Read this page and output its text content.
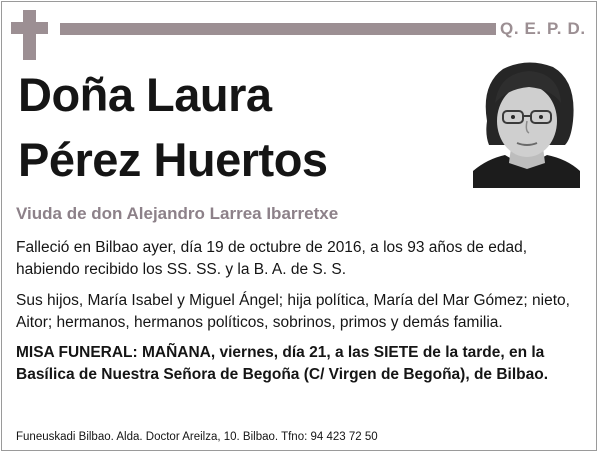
Q. E. P. D.
Doña Laura
Pérez Huertos
Viuda de don Alejandro Larrea Ibarretxe
Falleció en Bilbao ayer, día 19 de octubre de 2016, a los 93 años de edad, habiendo recibido los SS. SS. y la B. A. de S. S.
Sus hijos, María Isabel y Miguel Ángel; hija política, María del Mar Gómez; nieto, Aitor; hermanos, hermanos políticos, sobrinos, primos y demás familia.
MISA FUNERAL: MAÑANA, viernes, día 21, a las SIETE de la tarde, en la Basílica de Nuestra Señora de Begoña (C/ Virgen de Begoña), de Bilbao.
Funeuskadi Bilbao. Alda. Doctor Areilza, 10. Bilbao. Tfno: 94 423 72 50
